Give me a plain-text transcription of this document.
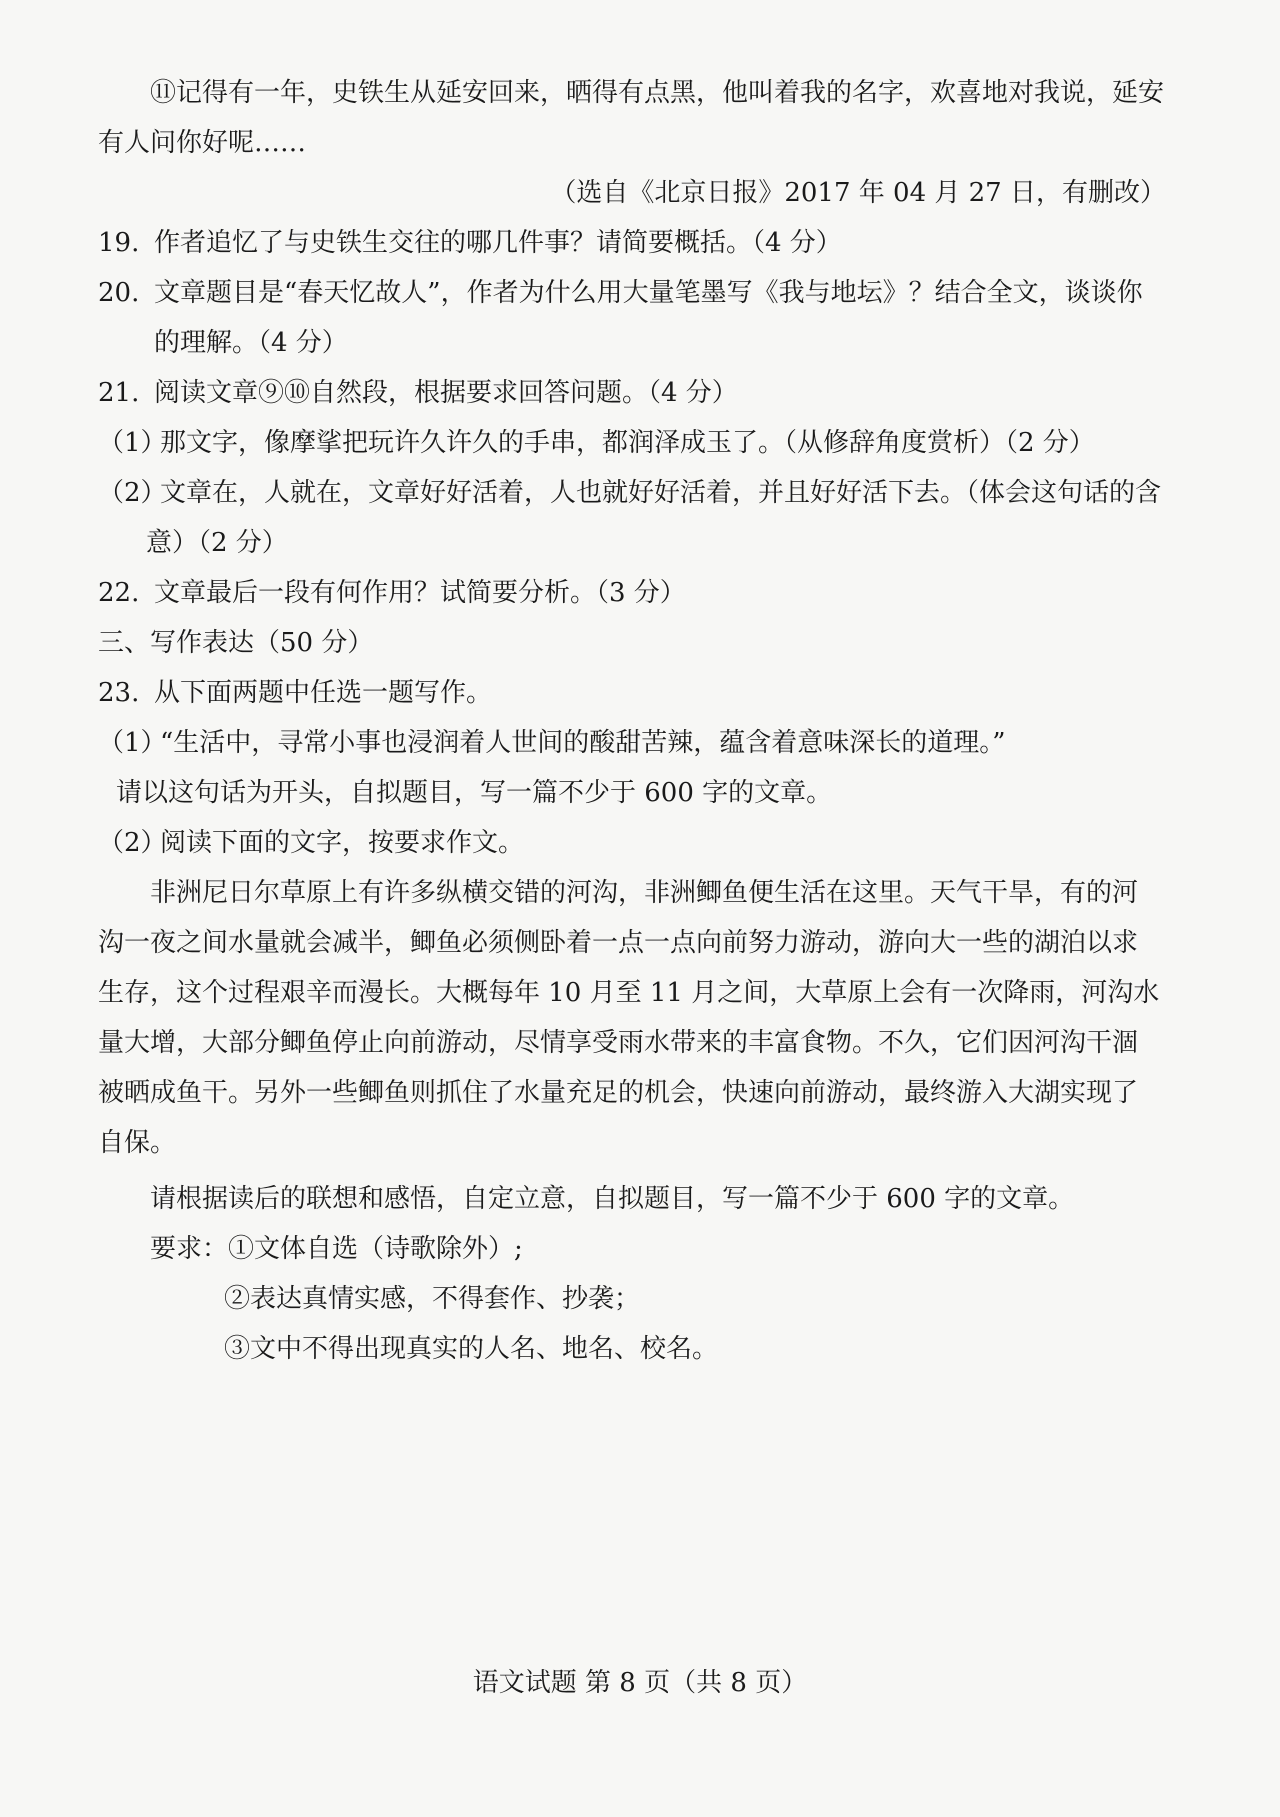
⑪记得有一年，史铁生从延安回来，晒得有点黑，他叫着我的名字，欢喜地对我说，延安
有人问你好呢……
（选自《北京日报》2017 年 04 月 27 日，有删改）
19. 作者追忆了与史铁生交往的哪几件事？请简要概括。（4 分）
20. 文章题目是“春天忆故人”，作者为什么用大量笔墨写《我与地坛》？结合全文，谈谈你
的理解。（4 分）
21. 阅读文章⑨⑩自然段，根据要求回答问题。（4 分）
（1）
那文字，像摩挲把玩许久许久的手串，都润泽成玉了。（从修辞角度赏析）（2 分）
（2）
文章在，人就在，文章好好活着，人也就好好活着，并且好好活下去。（体会这句话的含
意）（2 分）
22. 文章最后一段有何作用？试简要分析。（3 分）
三、写作表达（50 分）
23. 从下面两题中任选一题写作。
（1）
“生活中，寻常小事也浸润着人世间的酸甜苦辣，蕴含着意味深长的道理。”
请以这句话为开头，自拟题目，写一篇不少于 600 字的文章。
（2）
阅读下面的文字，按要求作文。
非洲尼日尔草原上有许多纵横交错的河沟，非洲鲫鱼便生活在这里。天气干旱，有的河
沟一夜之间水量就会减半，鲫鱼必须侧卧着一点一点向前努力游动，游向大一些的湖泊以求
生存，这个过程艰辛而漫长。大概每年 10 月至 11 月之间，大草原上会有一次降雨，河沟水
量大增，大部分鲫鱼停止向前游动，尽情享受雨水带来的丰富食物。不久，它们因河沟干涸
被晒成鱼干。另外一些鲫鱼则抓住了水量充足的机会，快速向前游动，最终游入大湖实现了
自保。
请根据读后的联想和感悟，自定立意，自拟题目，写一篇不少于 600 字的文章。
要求：①文体自选（诗歌除外）;
②表达真情实感，不得套作、抄袭；
③文中不得出现真实的人名、地名、校名。
语文试题 第 8 页（共 8 页）
